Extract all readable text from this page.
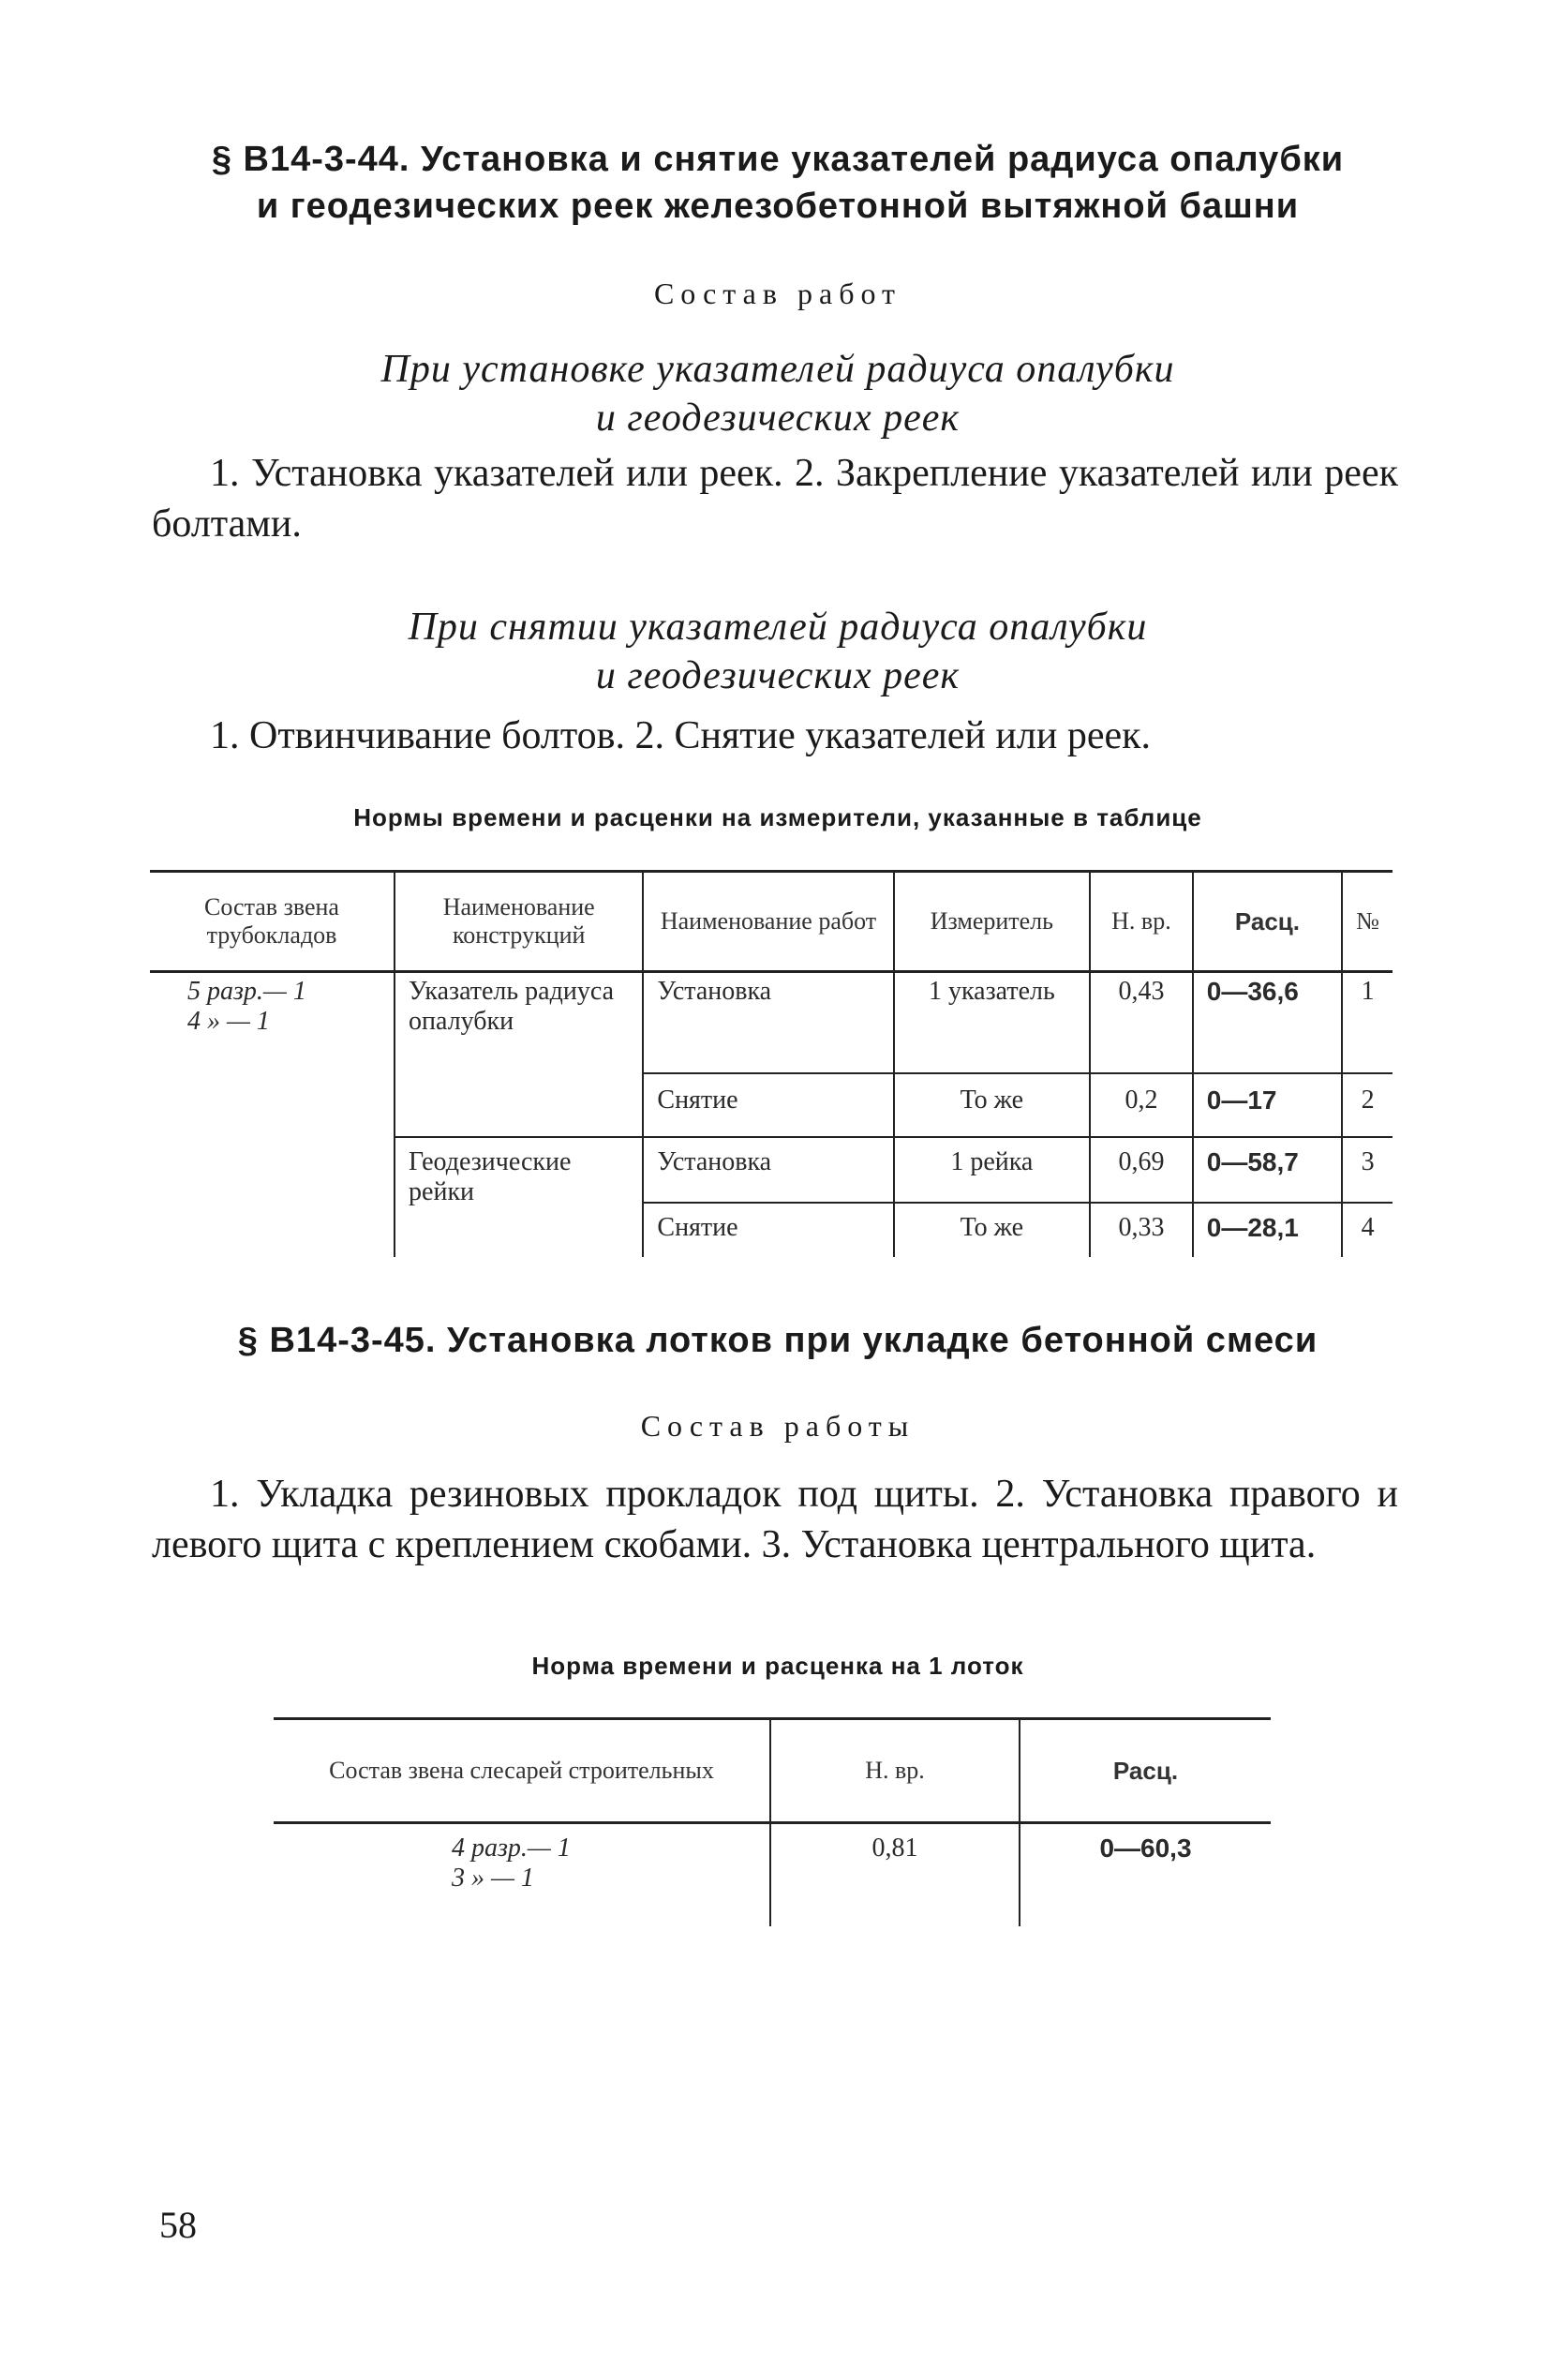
§ В14-3-44. Установка и снятие указателей радиуса опалубки
и геодезических реек железобетонной вытяжной башни
Состав работ
При установке указателей радиуса опалубки
и геодезических реек
1. Установка указателей или реек. 2. Закрепление указателей или реек болтами.
При снятии указателей радиуса опалубки
и геодезических реек
1. Отвинчивание болтов. 2. Снятие указателей или реек.
Нормы времени и расценки на измерители, указанные в таблице
Состав звена трубокладов	Наименование конструкций	Наименование работ	Измеритель	Н. вр.	Расц.	№

5 разр.— 1
4 » — 1	Указатель радиуса опалубки	Установка	1 указатель	0,43	0—36,6	1
		Снятие	То же	0,2	0—17	2
	Геодезические рейки	Установка	1 рейка	0,69	0—58,7	3
		Снятие	То же	0,33	0—28,1	4
§ В14-3-45. Установка лотков при укладке бетонной смеси
Состав работы
1. Укладка резиновых прокладок под щиты. 2. Установка правого и левого щита с креплением скобами. 3. Установка центрального щита.
Норма времени и расценка на 1 лоток
Состав звена слесарей строительных	Н. вр.	Расц.

4 разр.— 1
3 » — 1	0,81	0—60,3
58
